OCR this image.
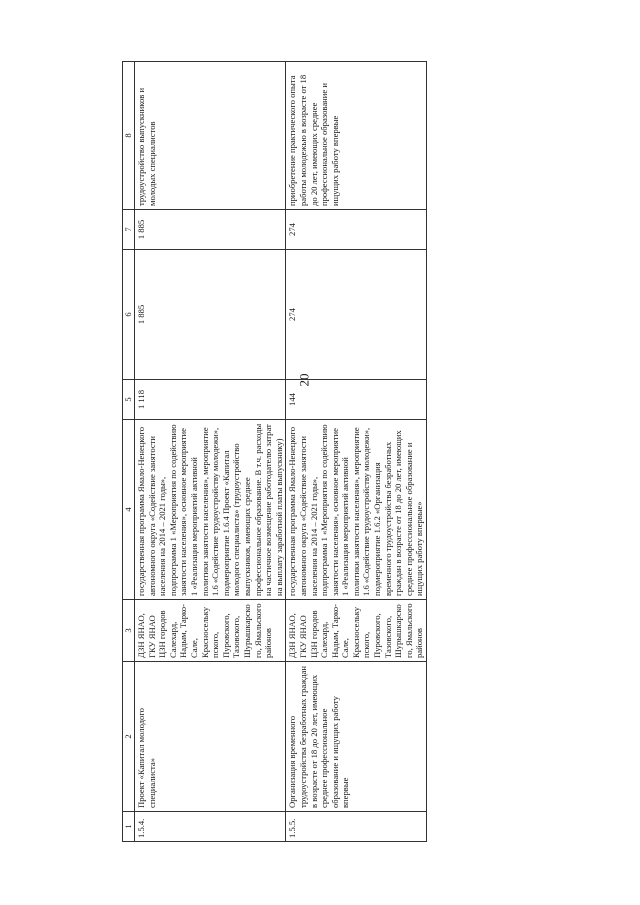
20
1	2	3	4	5	6	7	8
1.5.4.	Проект «Капитал молодого специалиста»	ДЗН ЯНАО, ГКУ ЯНАО ЦЗН городов Салехард, Надым, Тарко-Сале, Красноселькупского, Пуровского, Тазовского, Шурышкарского, Ямальского районов	государственная программа Ямало-Ненецкого автономного округа «Содействие занятости населения на 2014 – 2021 годы», подпрограмма 1 «Мероприятия по содействию занятости населения», основное мероприятие 1 «Реализация мероприятий активной политики занятости населения», мероприятие 1.6 «Содействие трудоустройству молодежи», подмероприятие 1.6.4 Проект «Капитал молодого специалиста» (трудоустройство выпускников, имеющих среднее профессиональное образование. В т.ч. расходы на частичное возмещение работодателю затрат на выплату заработной платы выпускнику)	1 118	1 885	1 885	трудоустройство выпускников и молодых специалистов
1.5.5.	Организация временного трудоустройства безработных граждан в возрасте от 18 до 20 лет, имеющих среднее профессиональное образование и ищущих работу впервые	ДЗН ЯНАО, ГКУ ЯНАО ЦЗН городов Салехард, Надым, Тарко-Сале, Красноселькупского, Пуровского, Тазовского, Шурышкарского, Ямальского районов	государственная программа Ямало-Ненецкого автономного округа «Содействие занятости населения на 2014 – 2021 годы», подпрограмма 1 «Мероприятия по содействию занятости населения», основное мероприятие 1 «Реализация мероприятий активной политики занятости населения», мероприятие 1.6 «Содействие трудоустройству молодежи», подмероприятие 1.6.2 «Организация временного трудоустройства безработных граждан в возрасте от 18 до 20 лет, имеющих среднее профессиональное образование и ищущих работу впервые»	144	274	274	приобретение практического опыта работы молодежью в возрасте от 18 до 20 лет, имеющих среднее профессиональное образование и ищущих работу впервые
